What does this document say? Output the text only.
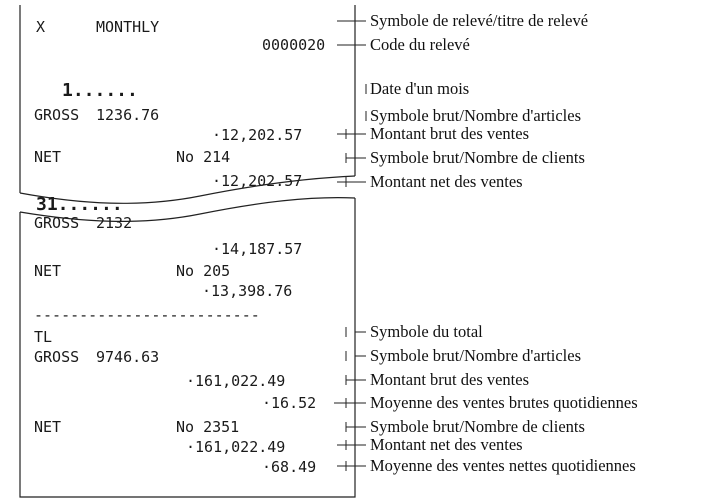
X	MONTHLY
0000020
1......
GROSS 1236.76
·12,202.57
NET	No 214
·12,202.57
31......
GROSS 2132
·14,187.57
NET	No 205
·13,398.76
-------------------------
TL
GROSS 9746.63
·161,022.49
·16.52
NET	No 2351
·161,022.49
·68.49
Symbole de relevé/titre de relevé
Code du relevé
Date d'un mois
Symbole brut/Nombre d'articles
Montant brut des ventes
Symbole brut/Nombre de clients
Montant net des ventes
Symbole du total
Symbole brut/Nombre d'articles
Montant brut des ventes
Moyenne des ventes brutes quotidiennes
Symbole brut/Nombre de clients
Montant net des ventes
Moyenne des ventes nettes quotidiennes
